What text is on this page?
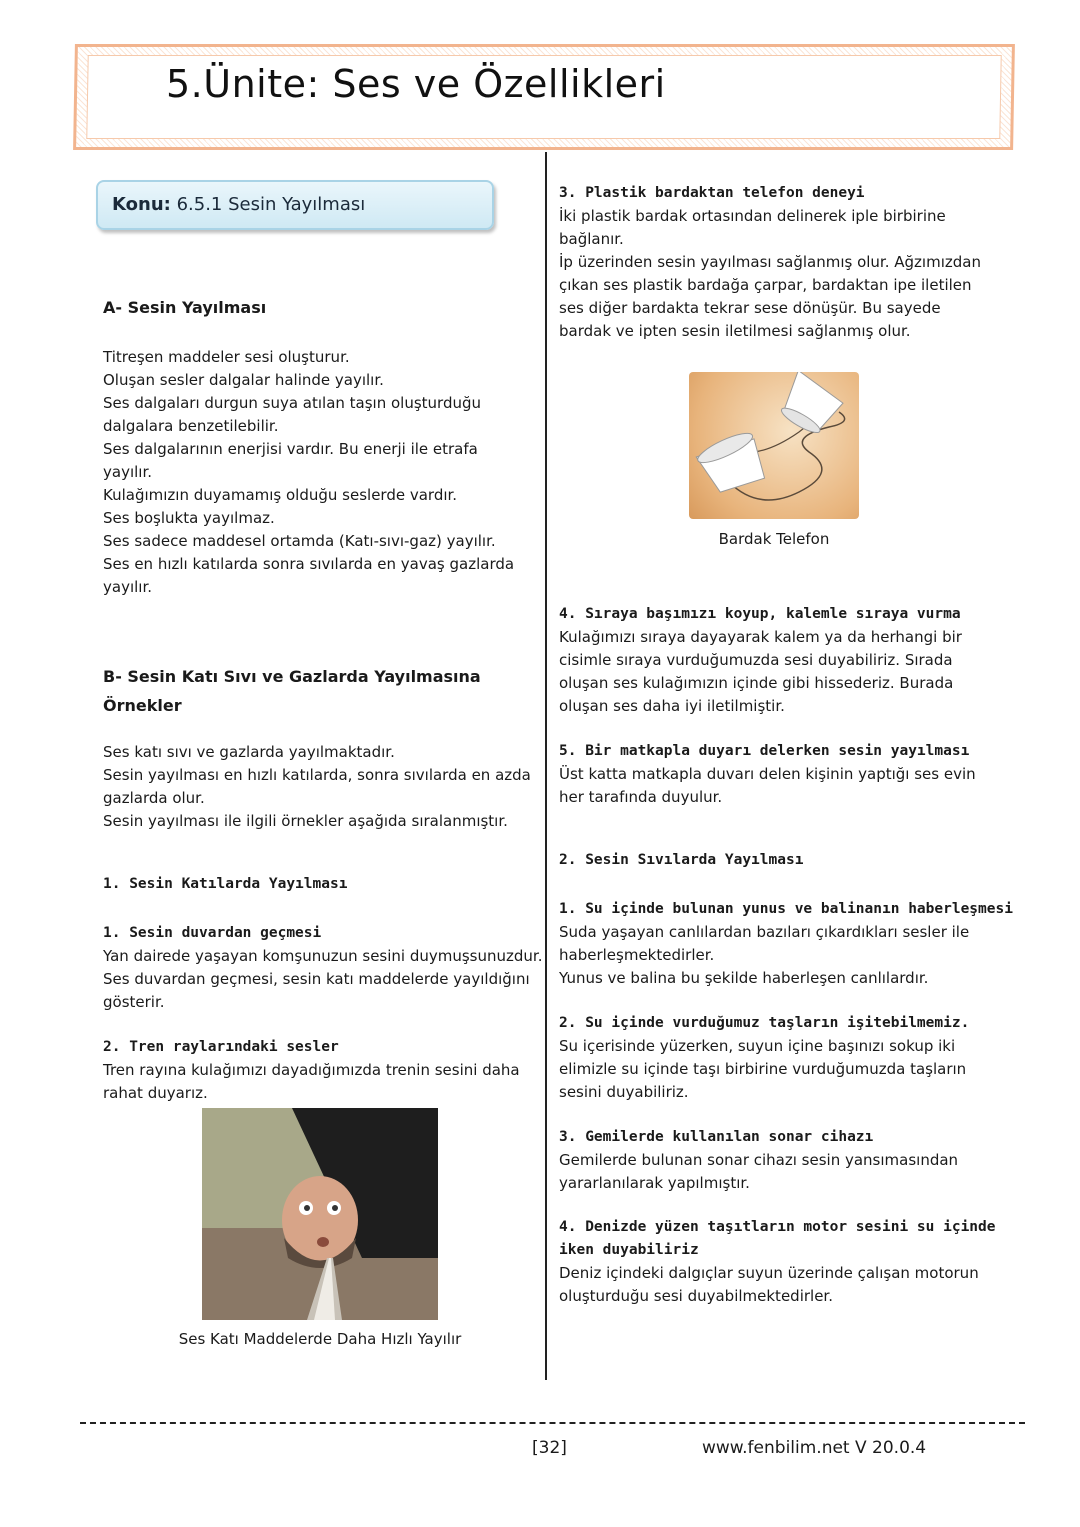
5.Ünite: Ses ve Özellikleri
Konu: 6.5.1 Sesin Yayılması
A- Sesin Yayılması

Titreşen maddeler sesi oluşturur.

Oluşan sesler dalgalar halinde yayılır.

Ses dalgaları durgun suya atılan taşın oluşturduğu

dalgalara benzetilebilir.

Ses dalgalarının enerjisi vardır. Bu enerji ile etrafa

yayılır.

Kulağımızın duyamamış olduğu seslerde vardır.

Ses boşlukta yayılmaz.

Ses sadece maddesel ortamda (Katı-sıvı-gaz) yayılır.

Ses en hızlı katılarda sonra sıvılarda en yavaş gazlarda

yayılır.

B- Sesin Katı Sıvı ve Gazlarda Yayılmasına

Örnekler

Ses katı sıvı ve gazlarda yayılmaktadır.

Sesin yayılması en hızlı katılarda, sonra sıvılarda en azda

gazlarda olur.

Sesin yayılması ile ilgili örnekler aşağıda sıralanmıştır.

1. Sesin Katılarda Yayılması

1. Sesin duvardan geçmesi

Yan dairede yaşayan komşunuzun sesini duymuşsunuzdur.

Ses duvardan geçmesi, sesin katı maddelerde yayıldığını

gösterir.

2. Tren raylarındaki sesler

Tren rayına kulağımızı dayadığımızda trenin sesini daha

rahat duyarız.

Ses Katı Maddelerde Daha Hızlı Yayılır

3. Plastik bardaktan telefon deneyi

İki plastik bardak ortasından delinerek iple birbirine

bağlanır.

İp üzerinden sesin yayılması sağlanmış olur. Ağzımızdan

çıkan ses plastik bardağa çarpar, bardaktan ipe iletilen

ses diğer bardakta tekrar sese dönüşür. Bu sayede

bardak ve ipten sesin iletilmesi sağlanmış olur.

Bardak Telefon

4. Sıraya başımızı koyup, kalemle sıraya vurma

Kulağımızı sıraya dayayarak kalem ya da herhangi bir

cisimle sıraya vurduğumuzda sesi duyabiliriz. Sırada

oluşan ses kulağımızın içinde gibi hissederiz. Burada

oluşan ses daha iyi iletilmiştir.

5. Bir matkapla duyarı delerken sesin yayılması

Üst katta matkapla duvarı delen kişinin yaptığı ses evin

her tarafında duyulur.

2. Sesin Sıvılarda Yayılması

1. Su içinde bulunan yunus ve balinanın haberleşmesi

Suda yaşayan canlılardan bazıları çıkardıkları sesler ile

haberleşmektedirler.

Yunus ve balina bu şekilde haberleşen canlılardır.

2. Su içinde vurduğumuz taşların işitebilmemiz.

Su içerisinde yüzerken, suyun içine başınızı sokup iki

elimizle su içinde taşı birbirine vurduğumuzda taşların

sesini duyabiliriz.

3. Gemilerde kullanılan sonar cihazı

Gemilerde bulunan sonar cihazı sesin yansımasından

yararlanılarak yapılmıştır.

4. Denizde yüzen taşıtların motor sesini su içinde

iken duyabiliriz

Deniz içindeki dalgıçlar suyun üzerinde çalışan motorun

oluşturduğu sesi duyabilmektedirler.

[32]	www.fenbilim.net V 20.0.4
